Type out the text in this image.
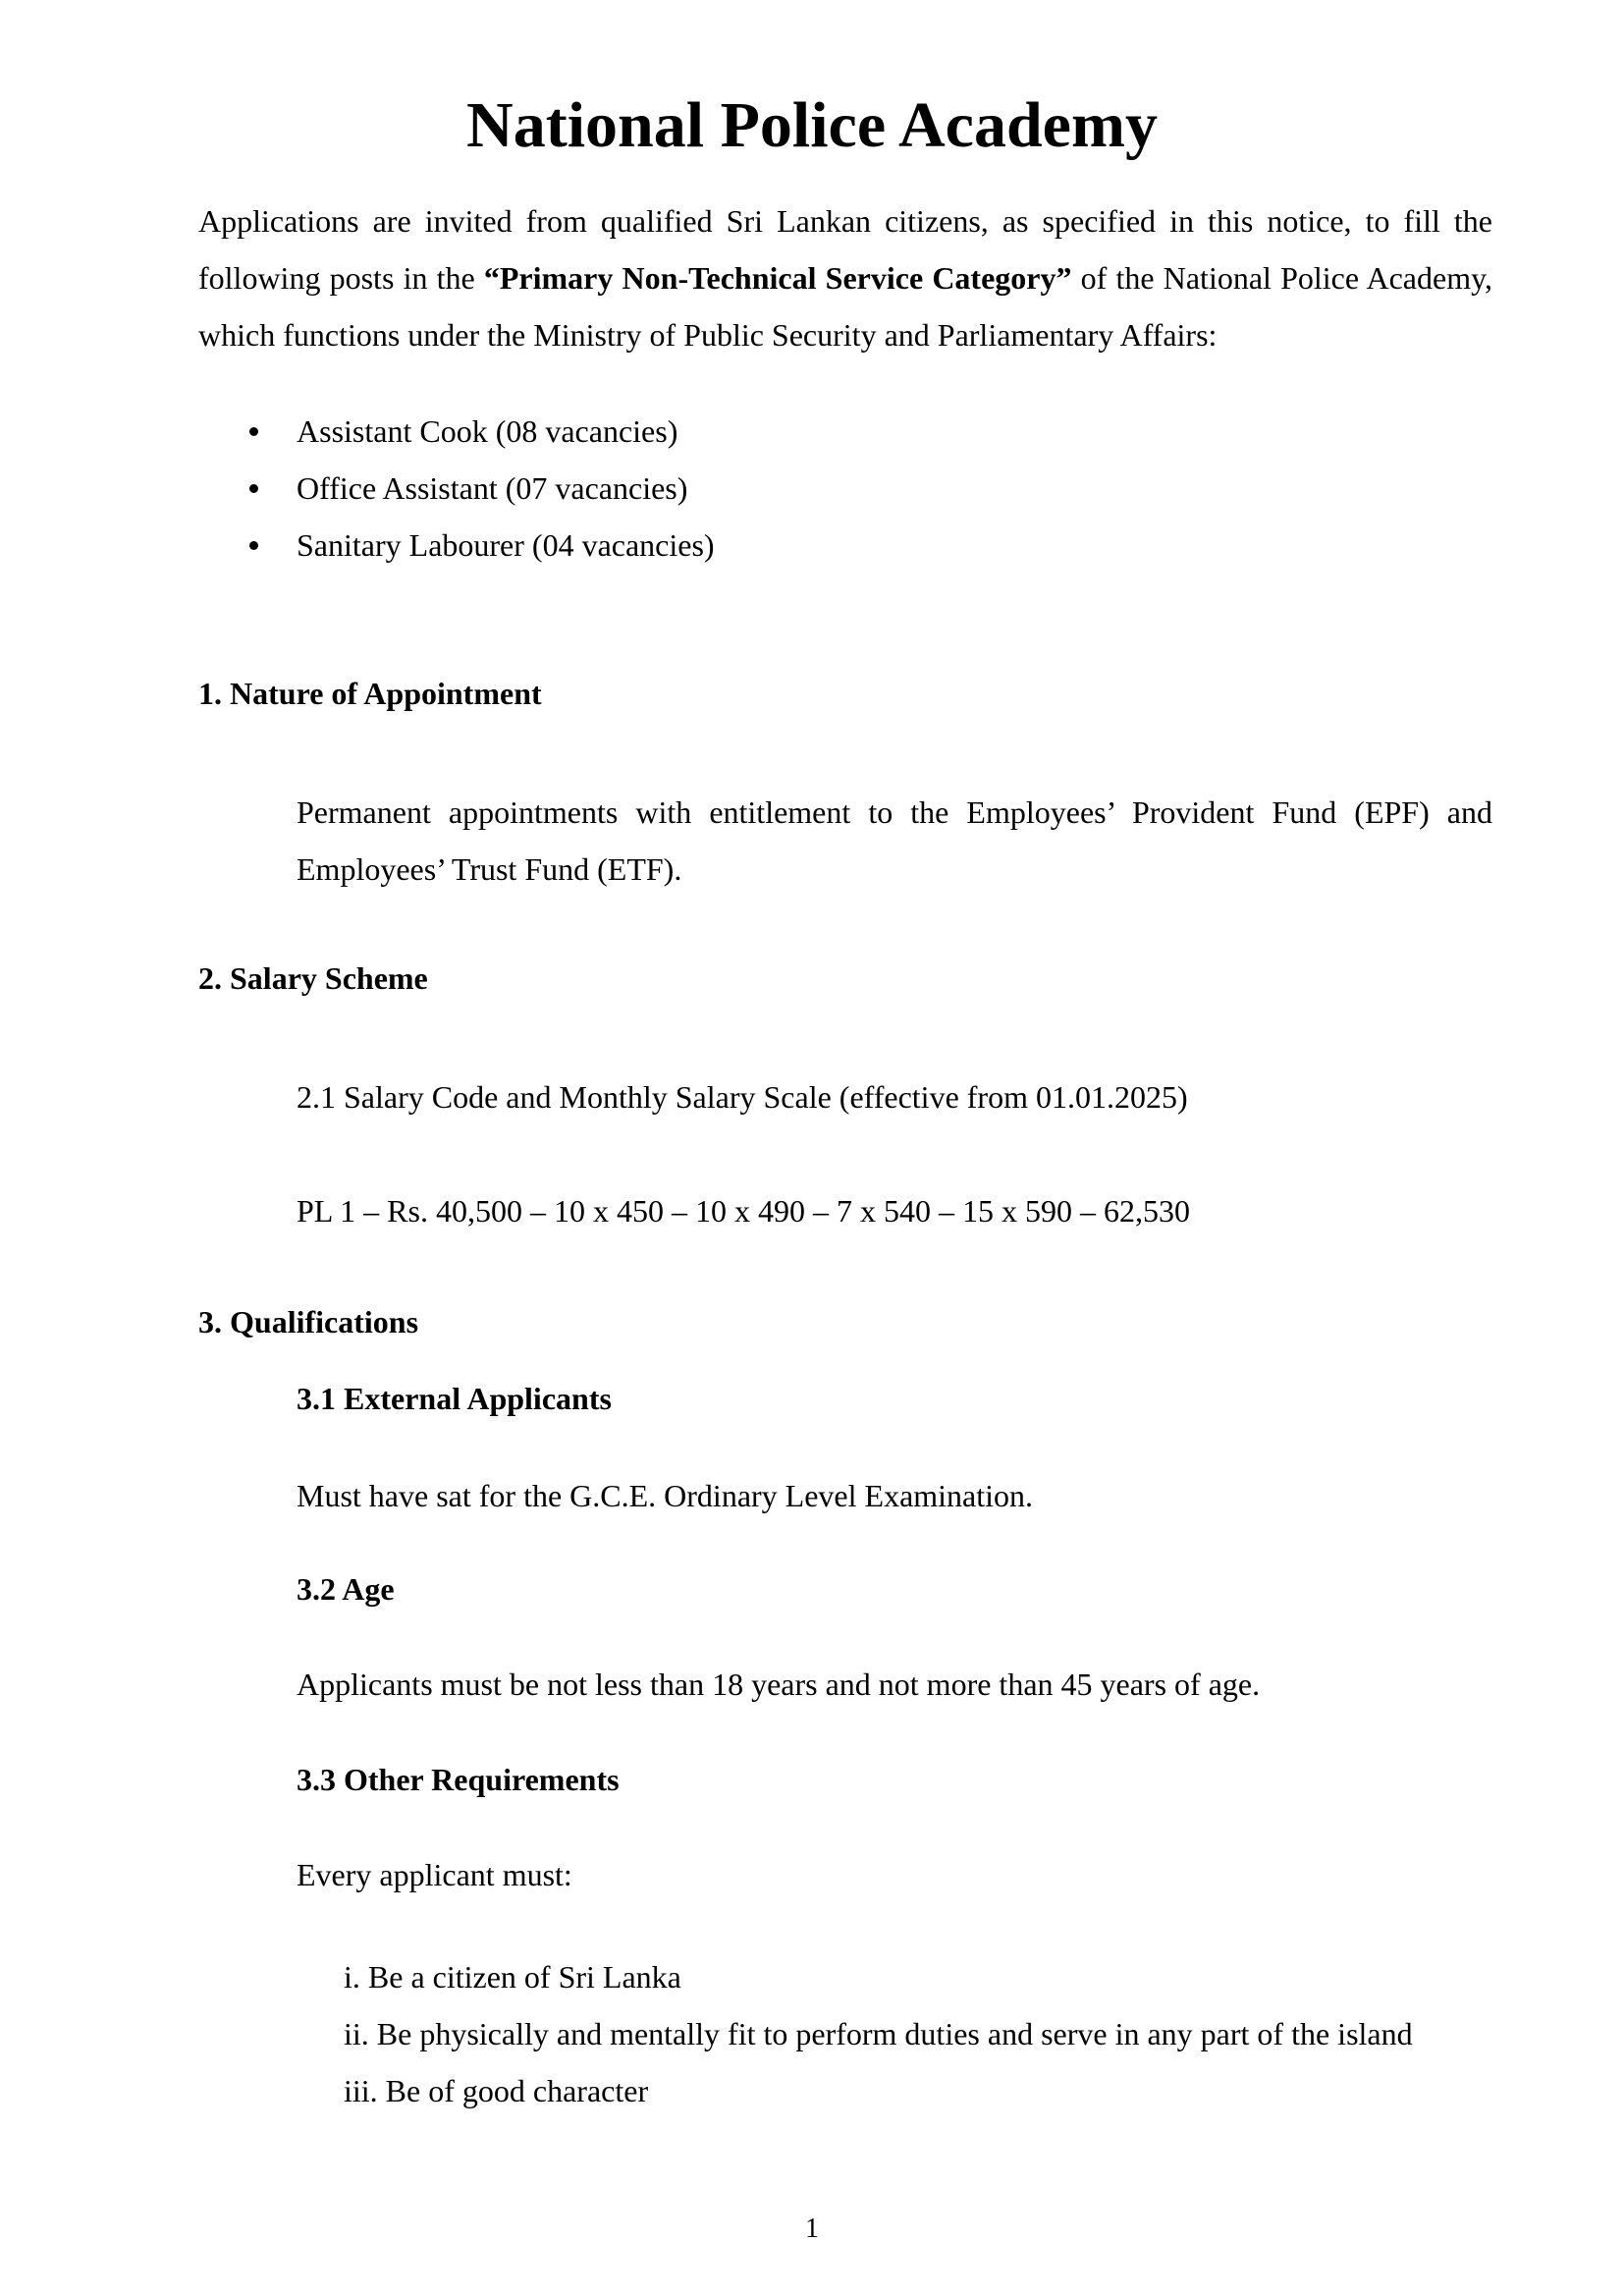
National Police Academy

Applications are invited from qualified Sri Lankan citizens, as specified in this notice, to fill the following posts in the “Primary Non-Technical Service Category” of the National Police Academy, which functions under the Ministry of Public Security and Parliamentary Affairs:

Assistant Cook (08 vacancies)
Office Assistant (07 vacancies)
Sanitary Labourer (04 vacancies)
1. Nature of Appointment

Permanent appointments with entitlement to the Employees’ Provident Fund (EPF) and Employees’ Trust Fund (ETF).

2. Salary Scheme

2.1 Salary Code and Monthly Salary Scale (effective from 01.01.2025)

PL 1 – Rs. 40,500 – 10 x 450 – 10 x 490 – 7 x 540 – 15 x 590 – 62,530

3. Qualifications
3.1 External Applicants

Must have sat for the G.C.E. Ordinary Level Examination.

3.2 Age

Applicants must be not less than 18 years and not more than 45 years of age.

3.3 Other Requirements

Every applicant must:

i. Be a citizen of Sri Lanka
ii. Be physically and mentally fit to perform duties and serve in any part of the island
iii. Be of good character
1
